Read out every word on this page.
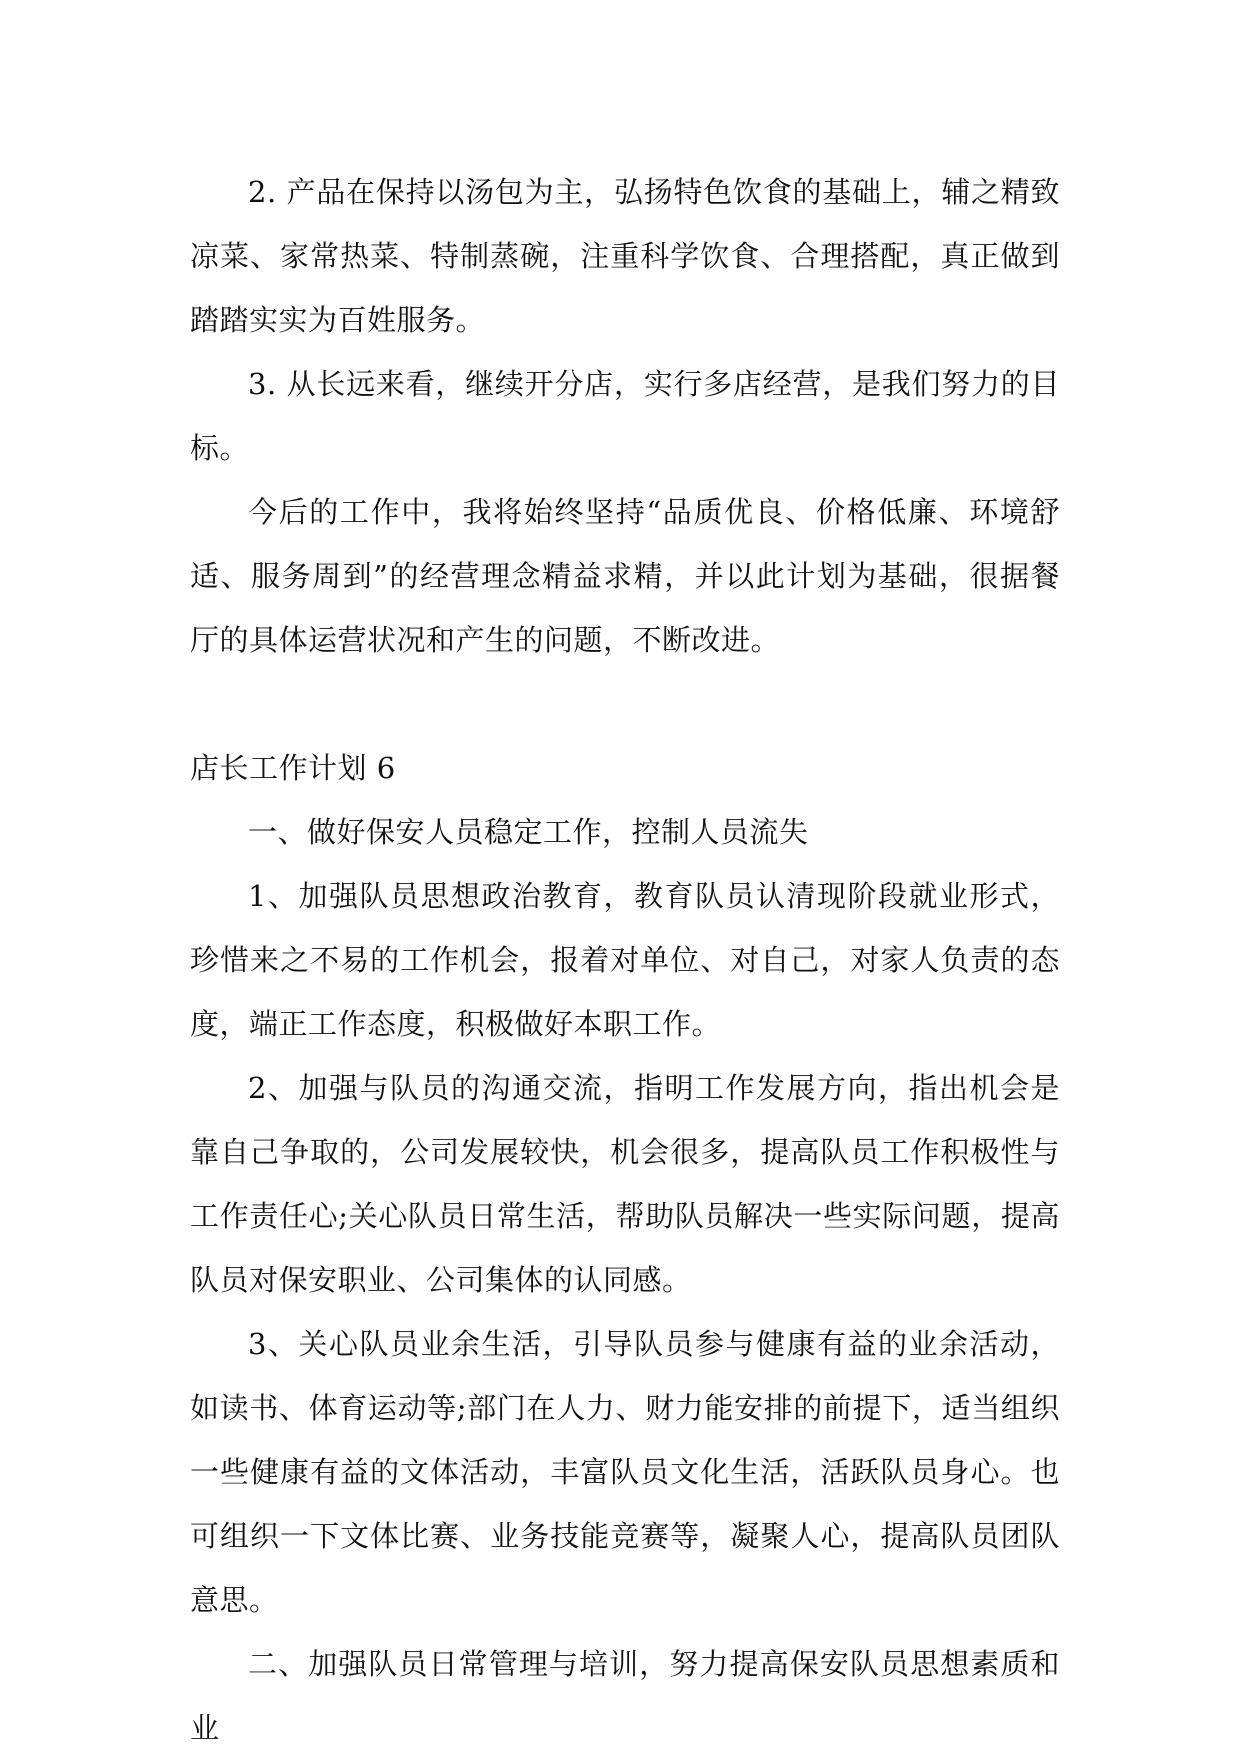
2. 产品在保持以汤包为主，弘扬特色饮食的基础上，辅之精致凉菜、家常热菜、特制蒸碗，注重科学饮食、合理搭配，真正做到踏踏实实为百姓服务。

3. 从长远来看，继续开分店，实行多店经营，是我们努力的目标。

今后的工作中，我将始终坚持“品质优良、价格低廉、环境舒适、服务周到”的经营理念精益求精，并以此计划为基础，很据餐厅的具体运营状况和产生的问题，不断改进。

店长工作计划 6

一、做好保安人员稳定工作，控制人员流失

1、加强队员思想政治教育，教育队员认清现阶段就业形式，珍惜来之不易的工作机会，报着对单位、对自己，对家人负责的态度，端正工作态度，积极做好本职工作。

2、加强与队员的沟通交流，指明工作发展方向，指出机会是靠自己争取的，公司发展较快，机会很多，提高队员工作积极性与工作责任心;关心队员日常生活，帮助队员解决一些实际问题，提高队员对保安职业、公司集体的认同感。

3、关心队员业余生活，引导队员参与健康有益的业余活动，如读书、体育运动等;部门在人力、财力能安排的前提下，适当组织一些健康有益的文体活动，丰富队员文化生活，活跃队员身心。也可组织一下文体比赛、业务技能竞赛等，凝聚人心，提高队员团队意思。

二、加强队员日常管理与培训，努力提高保安队员思想素质和业
